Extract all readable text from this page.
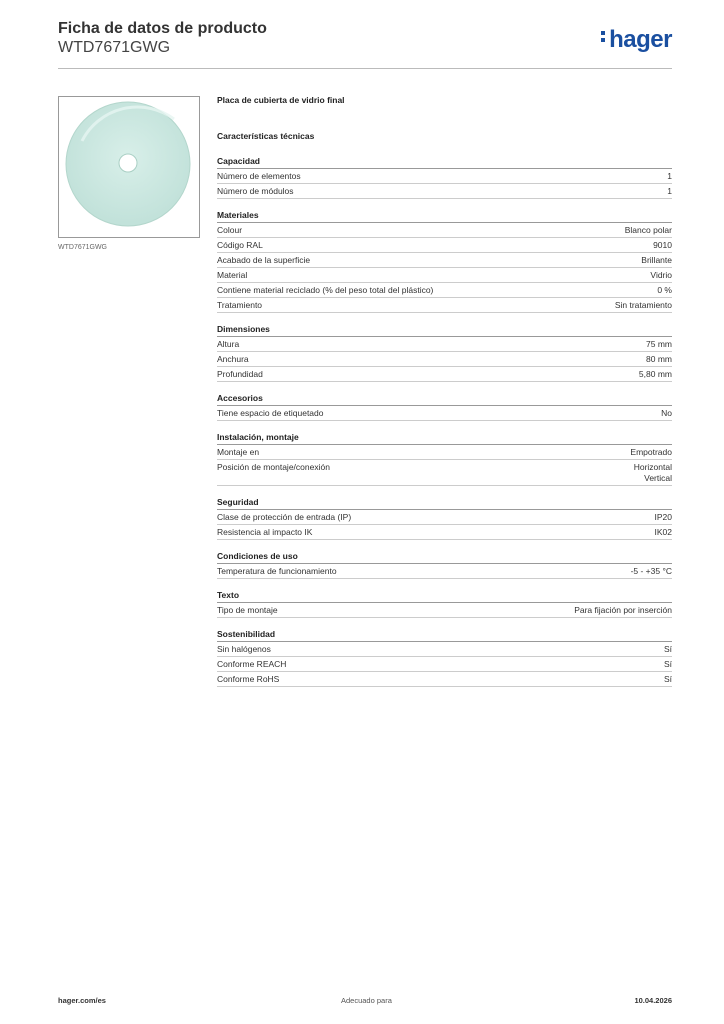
Ficha de datos de producto
WTD7671GWG	hager
WTD7671GWG
Placa de cubierta de vidrio final
Características técnicas
Capacidad
Número de elementos	1
Número de módulos	1
Materiales
Colour	Blanco polar
Código RAL	9010
Acabado de la superficie	Brillante
Material	Vidrio
Contiene material reciclado (% del peso total del plástico)	0 %
Tratamiento	Sin tratamiento
Dimensiones
Altura	75 mm
Anchura	80 mm
Profundidad	5,80 mm
Accesorios
Tiene espacio de etiquetado	No
Instalación, montaje
Montaje en	Empotrado
Posición de montaje/conexión	Horizontal
Vertical
Seguridad
Clase de protección de entrada (IP)	IP20
Resistencia al impacto IK	IK02
Condiciones de uso
Temperatura de funcionamiento	-5 - +35 °C
Texto
Tipo de montaje	Para fijación por inserción
Sostenibilidad
Sin halógenos	Sí
Conforme REACH	Sí
Conforme RoHS	Sí
hager.com/es	Adecuado para	10.04.2026
